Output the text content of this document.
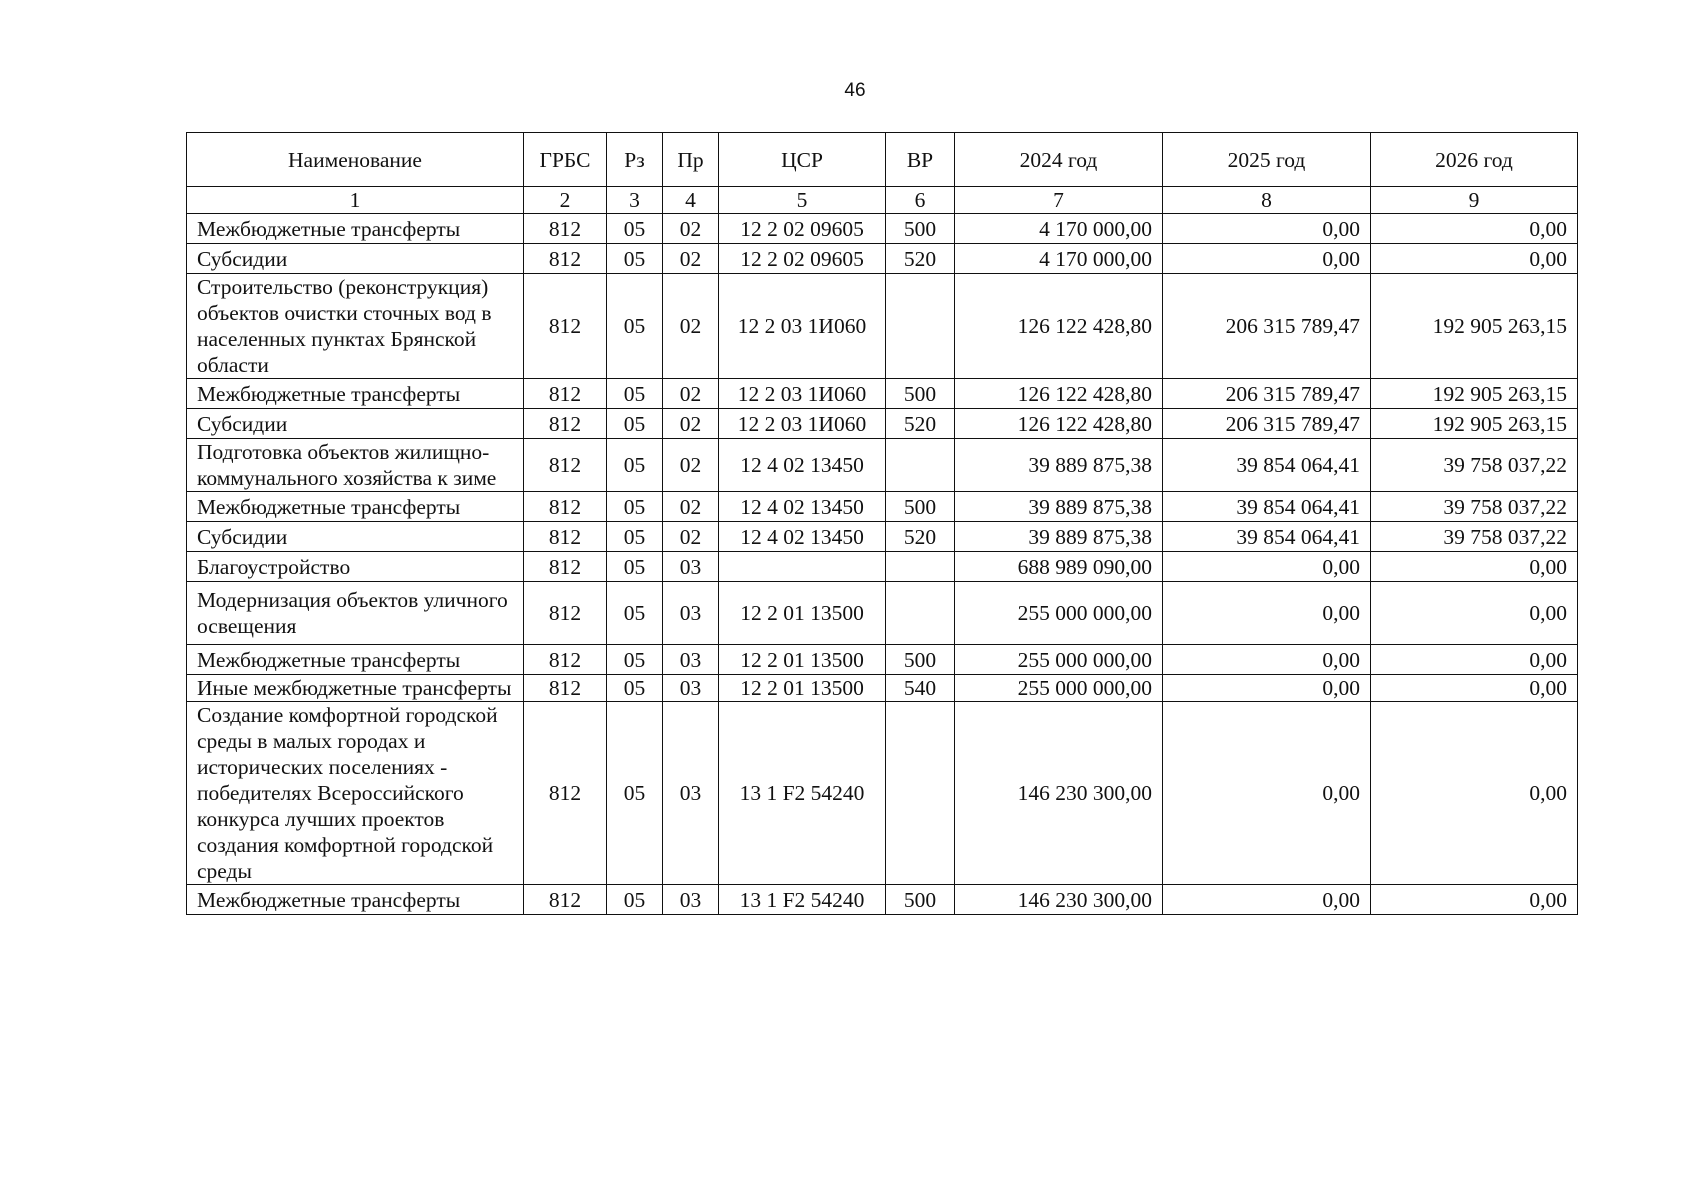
46
Наименование	ГРБС	Рз	Пр	ЦСР	ВР	2024 год	2025 год	2026 год
1	2	3	4	5	6	7	8	9
Межбюджетные трансферты	812	05	02	12 2 02 09605	500	4 170 000,00	0,00	0,00
Субсидии	812	05	02	12 2 02 09605	520	4 170 000,00	0,00	0,00
Строительство (реконструкция) объектов очистки сточных вод в населенных пунктах Брянской области	812	05	02	12 2 03 1И060		126 122 428,80	206 315 789,47	192 905 263,15
Межбюджетные трансферты	812	05	02	12 2 03 1И060	500	126 122 428,80	206 315 789,47	192 905 263,15
Субсидии	812	05	02	12 2 03 1И060	520	126 122 428,80	206 315 789,47	192 905 263,15
Подготовка объектов жилищно-коммунального хозяйства к зиме	812	05	02	12 4 02 13450		39 889 875,38	39 854 064,41	39 758 037,22
Межбюджетные трансферты	812	05	02	12 4 02 13450	500	39 889 875,38	39 854 064,41	39 758 037,22
Субсидии	812	05	02	12 4 02 13450	520	39 889 875,38	39 854 064,41	39 758 037,22
Благоустройство	812	05	03			688 989 090,00	0,00	0,00
Модернизация объектов уличного освещения	812	05	03	12 2 01 13500		255 000 000,00	0,00	0,00
Межбюджетные трансферты	812	05	03	12 2 01 13500	500	255 000 000,00	0,00	0,00
Иные межбюджетные трансферты	812	05	03	12 2 01 13500	540	255 000 000,00	0,00	0,00
Создание комфортной городской среды в малых городах и исторических поселениях - победителях Всероссийского конкурса лучших проектов создания комфортной городской среды	812	05	03	13 1 F2 54240		146 230 300,00	0,00	0,00
Межбюджетные трансферты	812	05	03	13 1 F2 54240	500	146 230 300,00	0,00	0,00
